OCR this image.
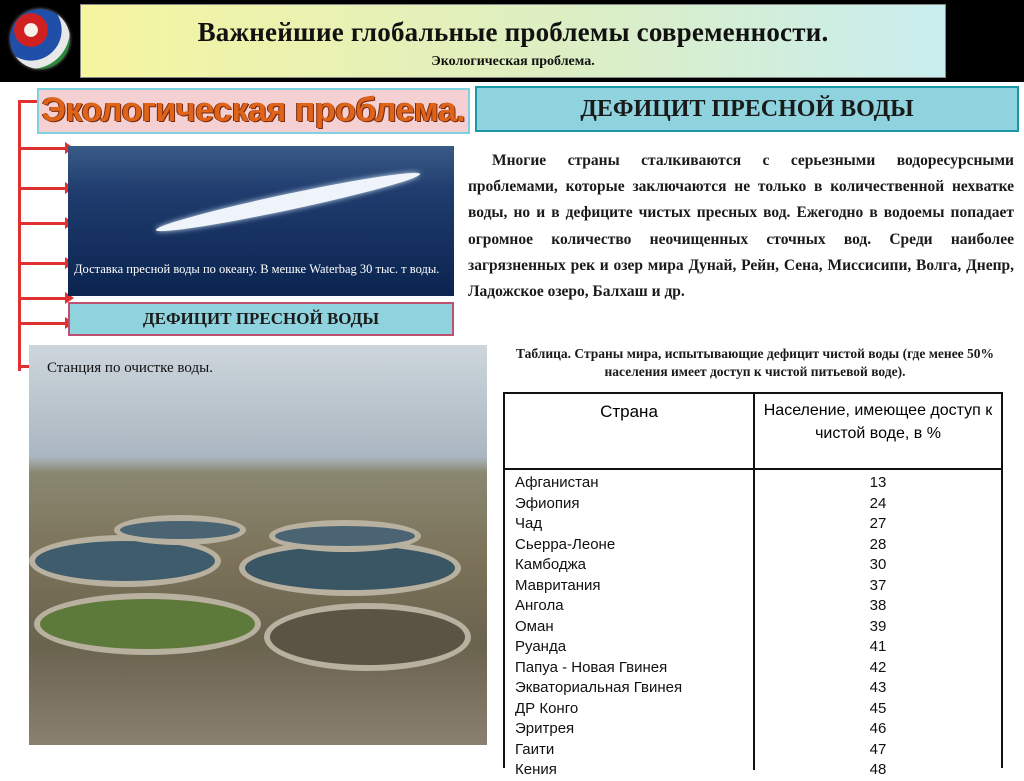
Важнейшие глобальные проблемы современности.
Экологическая проблема.
Экологическая проблема.	ДЕФИЦИТ ПРЕСНОЙ ВОДЫ
Доставка пресной воды по океану. В мешке Waterbag 30 тыс. т воды.
ДЕФИЦИТ ПРЕСНОЙ ВОДЫ
Многие страны сталкиваются с серьезными водоресурсными проблемами, которые заключаются не только в количественной нехватке воды, но и в дефиците чистых пресных вод. Ежегодно в водоемы попадает огромное количество неочищенных сточных вод. Среди наиболее загрязненных рек и озер мира Дунай, Рейн, Сена, Миссисипи, Волга, Днепр, Ладожское озеро, Балхаш и др.
Станция по очистке воды.
Таблица. Страны мира, испытывающие дефицит чистой воды (где менее 50% населения имеет доступ к чистой питьевой воде).
Страна	Население, имеющее доступ к чистой воде, в %
Афганистан
Эфиопия
Чад
Сьерра-Леоне
Камбоджа
Мавритания
Ангола
Оман
Руанда
Папуа - Новая Гвинея
Экваториальная Гвинея
ДР Конго
Эритрея
Гаити
Кения
13
24
27
28
30
37
38
39
41
42
43
45
46
47
48
